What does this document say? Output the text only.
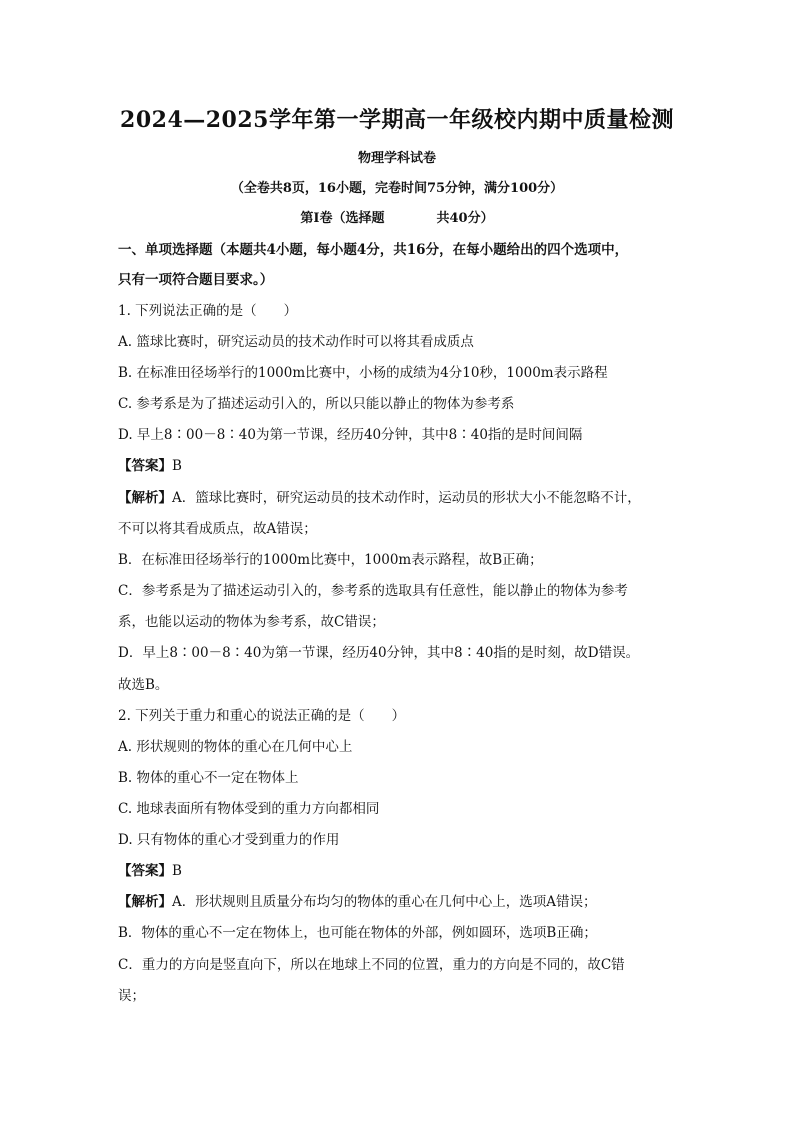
2024—2025学年第一学期高一年级校内期中质量检测
物理学科试卷
（全卷共8页，16小题，完卷时间75分钟，满分100分）
第Ⅰ卷（选择题　　　　共40分）
一、单项选择题（本题共4小题，每小题4分，共16分，在每小题给出的四个选项中，
只有一项符合题目要求。）
1. 下列说法正确的是（　　）
A. 篮球比赛时，研究运动员的技术动作时可以将其看成质点
B. 在标准田径场举行的1000m比赛中，小杨的成绩为4分10秒，1000m表示路程
C. 参考系是为了描述运动引入的，所以只能以静止的物体为参考系
D. 早上8∶00－8∶40为第一节课，经历40分钟，其中8∶40指的是时间间隔
【答案】B
【解析】A．篮球比赛时，研究运动员的技术动作时，运动员的形状大小不能忽略不计，
不可以将其看成质点，故A错误；
B．在标准田径场举行的1000m比赛中，1000m表示路程，故B正确；
C．参考系是为了描述运动引入的，参考系的选取具有任意性，能以静止的物体为参考
系，也能以运动的物体为参考系，故C错误；
D．早上8∶00－8∶40为第一节课，经历40分钟，其中8∶40指的是时刻，故D错误。
故选B。
2. 下列关于重力和重心的说法正确的是（　　）
A. 形状规则的物体的重心在几何中心上
B. 物体的重心不一定在物体上
C. 地球表面所有物体受到的重力方向都相同
D. 只有物体的重心才受到重力的作用
【答案】B
【解析】A．形状规则且质量分布均匀的物体的重心在几何中心上，选项A错误；
B．物体的重心不一定在物体上，也可能在物体的外部，例如圆环，选项B正确；
C．重力的方向是竖直向下，所以在地球上不同的位置，重力的方向是不同的，故C错
误；
